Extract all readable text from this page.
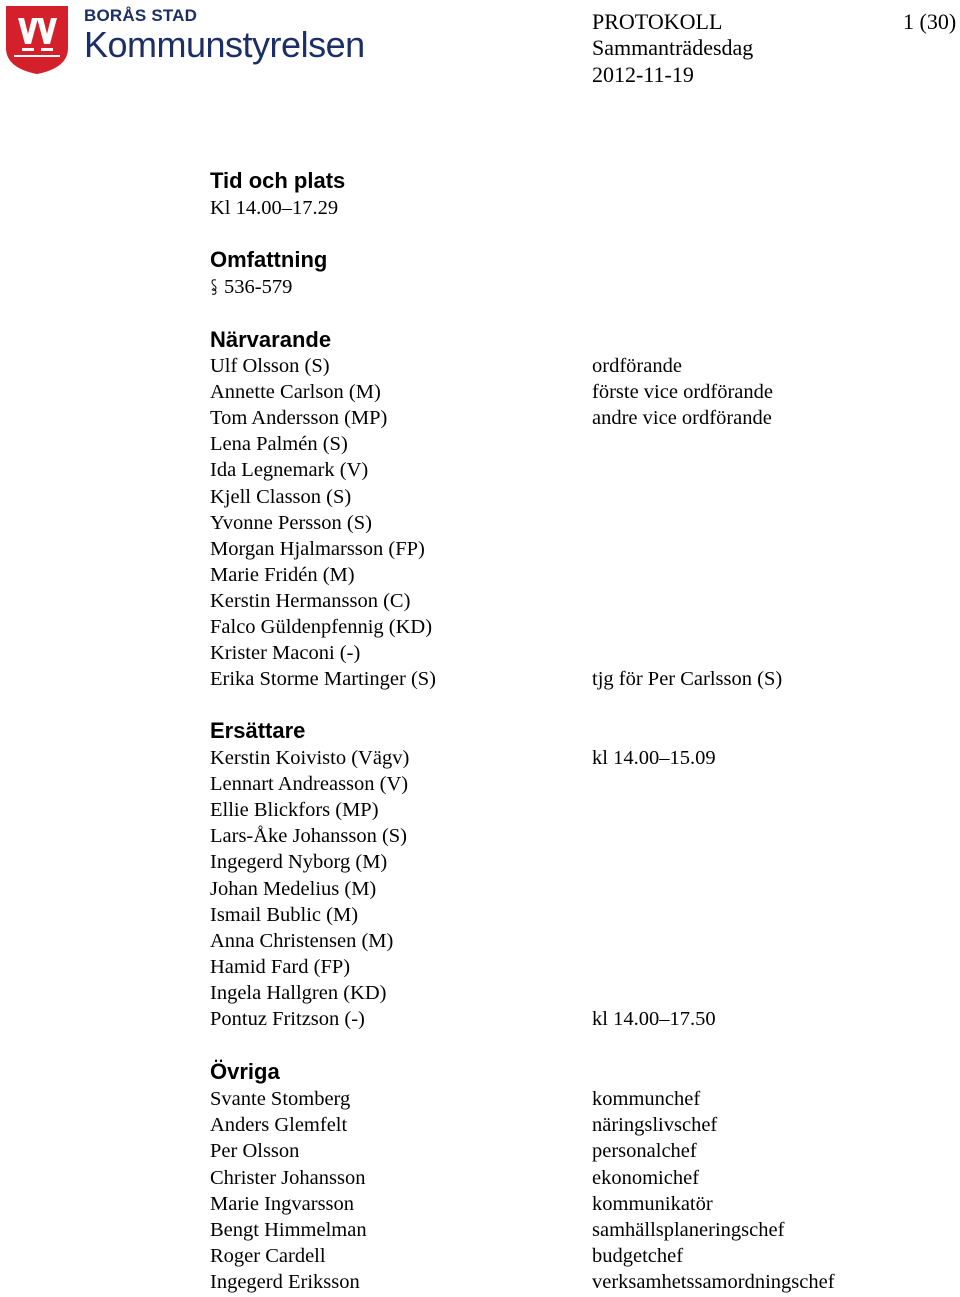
BORÅS STAD
Kommunstyrelsen
PROTOKOLL	1 (30)
Sammanträdesdag
2012-11-19
Tid och plats
Kl 14.00–17.29
Omfattning
536-579
Närvarande
Ulf Olsson (S)	ordförande
Annette Carlson (M)	förste vice ordförande
Tom Andersson (MP)	andre vice ordförande
Lena Palmén (S)
Ida Legnemark (V)
Kjell Classon (S)
Yvonne Persson (S)
Morgan Hjalmarsson (FP)
Marie Fridén (M)
Kerstin Hermansson (C)
Falco Güldenpfennig (KD)
Krister Maconi (-)
Erika Storme Martinger (S)	tjg för Per Carlsson (S)
Ersättare
Kerstin Koivisto (Vägv)	kl 14.00–15.09
Lennart Andreasson (V)
Ellie Blickfors (MP)
Lars-Åke Johansson (S)
Ingegerd Nyborg (M)
Johan Medelius (M)
Ismail Bublic (M)
Anna Christensen (M)
Hamid Fard (FP)
Ingela Hallgren (KD)
Pontuz Fritzson (-)	kl 14.00–17.50
Övriga
Svante Stomberg	kommunchef
Anders Glemfelt	näringslivschef
Per Olsson	personalchef
Christer Johansson	ekonomichef
Marie Ingvarsson	kommunikatör
Bengt Himmelman	samhällsplaneringschef
Roger Cardell	budgetchef
Ingegerd Eriksson	verksamhetssamordningschef
